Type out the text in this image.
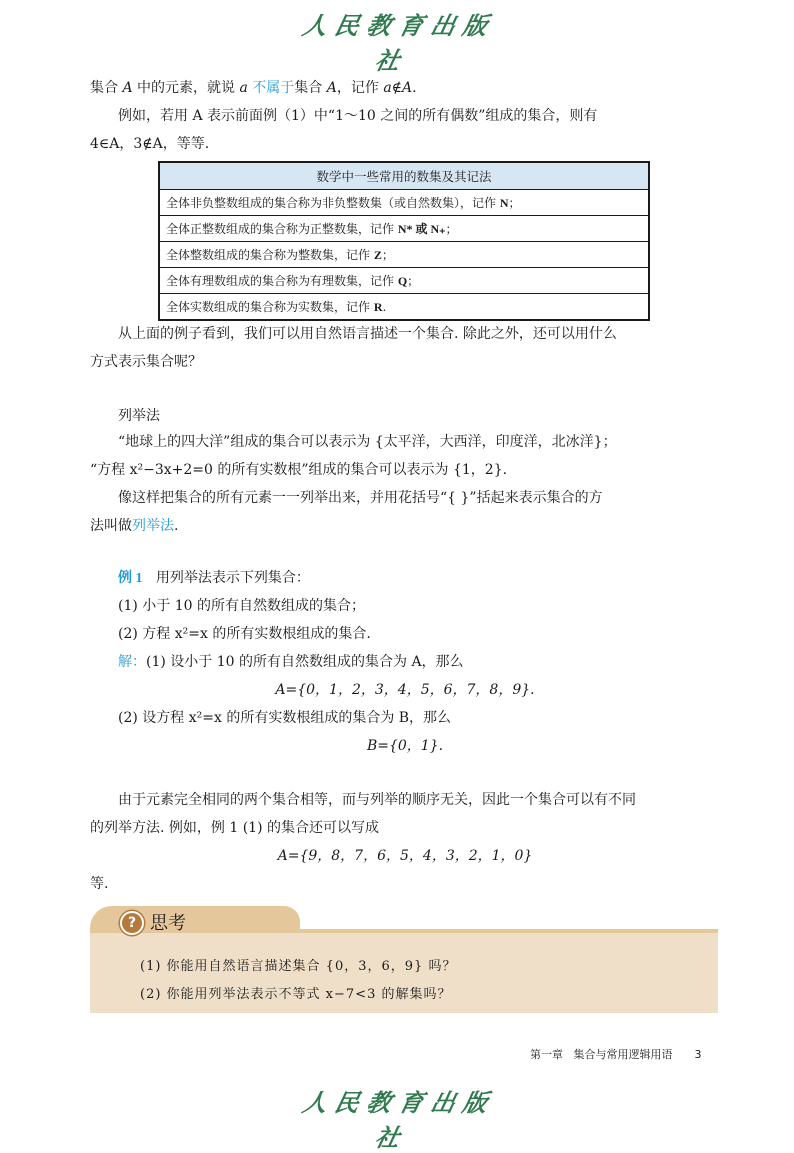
人民教育出版社
集合 A 中的元素，就说 a 不属于集合 A，记作 a∉A.
例如，若用 A 表示前面例（1）中“1～10 之间的所有偶数”组成的集合，则有
4∈A，3∉A，等等.
数学中一些常用的数集及其记法
全体非负整数组成的集合称为非负整数集（或自然数集），记作 N；
全体正整数组成的集合称为正整数集，记作 N* 或 N₊；
全体整数组成的集合称为整数集，记作 Z；
全体有理数组成的集合称为有理数集，记作 Q；
全体实数组成的集合称为实数集，记作 R.
从上面的例子看到，我们可以用自然语言描述一个集合. 除此之外，还可以用什么
方式表示集合呢？
列举法
“地球上的四大洋”组成的集合可以表示为 {太平洋，大西洋，印度洋，北冰洋}；
“方程 x²−3x+2=0 的所有实数根”组成的集合可以表示为 {1，2}.
像这样把集合的所有元素一一列举出来，并用花括号“{ }”括起来表示集合的方
法叫做列举法.
例 1 用列举法表示下列集合：
(1) 小于 10 的所有自然数组成的集合；
(2) 方程 x²=x 的所有实数根组成的集合.
解：(1) 设小于 10 的所有自然数组成的集合为 A，那么
A={0，1，2，3，4，5，6，7，8，9}.
(2) 设方程 x²=x 的所有实数根组成的集合为 B，那么
B={0，1}.
由于元素完全相同的两个集合相等，而与列举的顺序无关，因此一个集合可以有不同
的列举方法. 例如，例 1 (1) 的集合还可以写成
A={9，8，7，6，5，4，3，2，1，0}
等.
? 思考
(1) 你能用自然语言描述集合 {0，3，6，9} 吗？
(2) 你能用列举法表示不等式 x−7<3 的解集吗？
第一章 集合与常用逻辑用语 3
人民教育出版社
